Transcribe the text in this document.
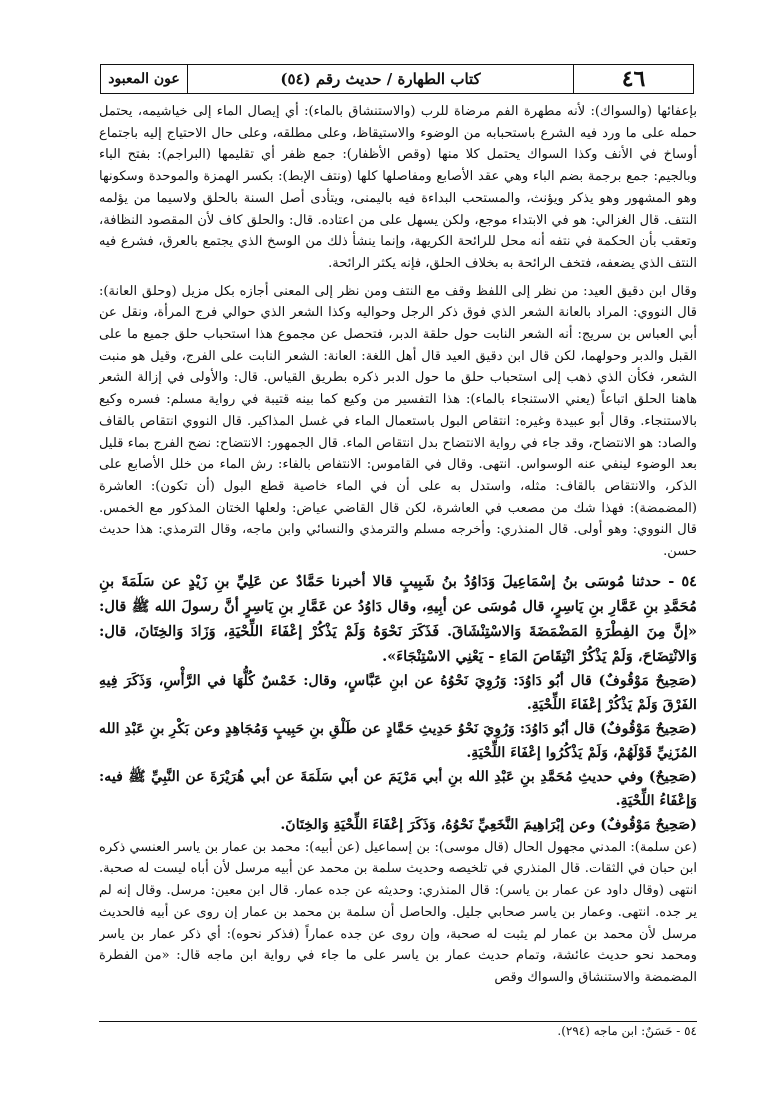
٤٦
كتاب الطهارة / حديث رقم (٥٤)
عون المعبود

بإعفائها (والسواك): لأنه مطهرة الفم مرضاة للرب (والاستنشاق بالماء): أي إيصال الماء إلى خياشيمه، يحتمل حمله على ما ورد فيه الشرع باستحبابه من الوضوء والاستيقاظ، وعلى مطلقه، وعلى حال الاحتياج إليه باجتماع أوساخ في الأنف وكذا السواك يحتمل كلا منها (وقص الأظفار): جمع ظفر أي تقليمها (البراجم): بفتح الباء وبالجيم: جمع برجمة بضم الباء وهي عقد الأصابع ومفاصلها كلها (ونتف الإبط): بكسر الهمزة والموحدة وسكونها وهو المشهور وهو يذكر ويؤنث، والمستحب البداءة فيه باليمنى، ويتأدى أصل السنة بالحلق ولاسيما من يؤلمه النتف. قال الغزالي: هو في الابتداء موجع، ولكن يسهل على من اعتاده. قال: والحلق كاف لأن المقصود النظافة، وتعقب بأن الحكمة في نتفه أنه محل للرائحة الكريهة، وإنما ينشأ ذلك من الوسخ الذي يجتمع بالعرق، فشرع فيه النتف الذي يضعفه، فتخف الرائحة به بخلاف الحلق، فإنه يكثر الرائحة.

وقال ابن دقيق العيد: من نظر إلى اللفظ وقف مع النتف ومن نظر إلى المعنى أجازه بكل مزيل (وحلق العانة): قال النووي: المراد بالعانة الشعر الذي فوق ذكر الرجل وحواليه وكذا الشعر الذي حوالي فرج المرأة، ونقل عن أبي العباس بن سريج: أنه الشعر النابت حول حلقة الدبر، فتحصل عن مجموع هذا استحباب حلق جميع ما على القبل والدبر وحولهما، لكن قال ابن دقيق العيد قال أهل اللغة: العانة: الشعر النابت على الفرج، وقيل هو منبت الشعر، فكأن الذي ذهب إلى استحباب حلق ما حول الدبر ذكره بطريق القياس. قال: والأولى في إزالة الشعر هاهنا الحلق اتباعاً (يعني الاستنجاء بالماء): هذا التفسير من وكيع كما بينه قتيبة في رواية مسلم: فسره وكيع بالاستنجاء. وقال أبو عبيدة وغيره: انتقاص البول باستعمال الماء في غسل المذاكير. قال النووي انتقاص بالقاف والصاد: هو الانتضاح، وقد جاء في رواية الانتضاح بدل انتقاص الماء. قال الجمهور: الانتضاح: نضح الفرج بماء قليل بعد الوضوء لينفي عنه الوسواس. انتهى. وقال في القاموس: الانتفاص بالفاء: رش الماء من خلل الأصابع على الذكر، والانتقاص بالقاف: مثله، واستدل به على أن في الماء خاصية قطع البول (أن تكون): العاشرة (المضمضة): فهذا شك من مصعب في العاشرة، لكن قال القاضي عياض: ولعلها الختان المذكور مع الخمس. قال النووي: وهو أولى. قال المنذري: وأخرجه مسلم والترمذي والنسائي وابن ماجه، وقال الترمذي: هذا حديث حسن.

٥٤ - حدثنا مُوسَى بنُ إسْمَاعِيلَ وَدَاوُدُ بنُ شَبِيبٍ قالا أخبرنا حَمَّادٌ عن عَلِيِّ بنِ زَيْدٍ عن سَلَمَةَ بنِ مُحَمَّدِ بنِ عَمَّارِ بنِ يَاسِرٍ، قال مُوسَى عن أبِيهِ، وقال دَاوُدُ عن عَمَّارِ بنِ يَاسِرٍ أنَّ رسولَ الله ﷺ قال: «إنَّ مِنَ الفِطْرَةِ المَضْمَضَةَ وَالاسْتِنْشَاقَ. فَذَكَرَ نَحْوَهُ وَلَمْ يَذْكُرْ إعْفَاءَ اللِّحْيَةِ، وَزَادَ وَالخِتَانَ، قال: وَالانْتِضَاحَ، وَلَمْ يَذْكُرْ انْتِقَاصَ المَاءِ - يَعْنِي الاسْتِنْجَاءَ».

(صَحِيحٌ مَوْقُوفٌ) قال أبُو دَاوُدَ: وَرُوِيَ نَحْوُهُ عن ابنِ عَبَّاسٍ، وقال: خَمْسٌ كُلُّهَا في الرَّأْسِ، وَذَكَرَ فِيهِ الفَرْقَ وَلَمْ يَذْكُرْ إعْفَاءَ اللِّحْيَةِ.

(صَحِيحٌ مَوْقُوفٌ) قال أبُو دَاوُدَ: وَرُوِيَ نَحْوُ حَدِيثِ حَمَّادٍ عن طَلْقِ بنِ حَبِيبٍ وَمُجَاهِدٍ وعن بَكْرِ بنِ عَبْدِ الله المُزَنِيِّ قَوْلَهُمْ، وَلَمْ يَذْكُرُوا إعْفَاءَ اللِّحْيَةِ.

(صَحِيحٌ) وفي حديثِ مُحَمَّدِ بنِ عَبْدِ الله بنِ أبي مَرْيَمَ عن أبي سَلَمَةَ عن أبي هُرَيْرَةَ عن النَّبِيِّ ﷺ فيه: وَإعْفَاءُ اللِّحْيَةِ.

(صَحِيحٌ مَوْقُوفٌ) وعن إبْرَاهِيمَ النَّخَعِيِّ نَحْوُهُ، وَذَكَرَ إعْفَاءَ اللِّحْيَةِ وَالخِتَانَ.

(عن سلمة): المدني مجهول الحال (قال موسى): بن إسماعيل (عن أبيه): محمد بن عمار بن ياسر العنسي ذكره ابن حبان في الثقات. قال المنذري في تلخيصه وحديث سلمة بن محمد عن أبيه مرسل لأن أباه ليست له صحبة. انتهى (وقال داود عن عمار بن ياسر): قال المنذري: وحديثه عن جده عمار. قال ابن معين: مرسل. وقال إنه لم ير جده. انتهى. وعمار بن ياسر صحابي جليل. والحاصل أن سلمة بن محمد بن عمار إن روى عن أبيه فالحديث مرسل لأن محمد بن عمار لم يثبت له صحبة، وإن روى عن جده عماراً (فذكر نحوه): أي ذكر عمار بن ياسر ومحمد نحو حديث عائشة، وتمام حديث عمار بن ياسر على ما جاء في رواية ابن ماجه قال: «من الفطرة المضمضة والاستنشاق والسواك وقص

٥٤ - حَسَنٌ: ابن ماجه (٢٩٤).
